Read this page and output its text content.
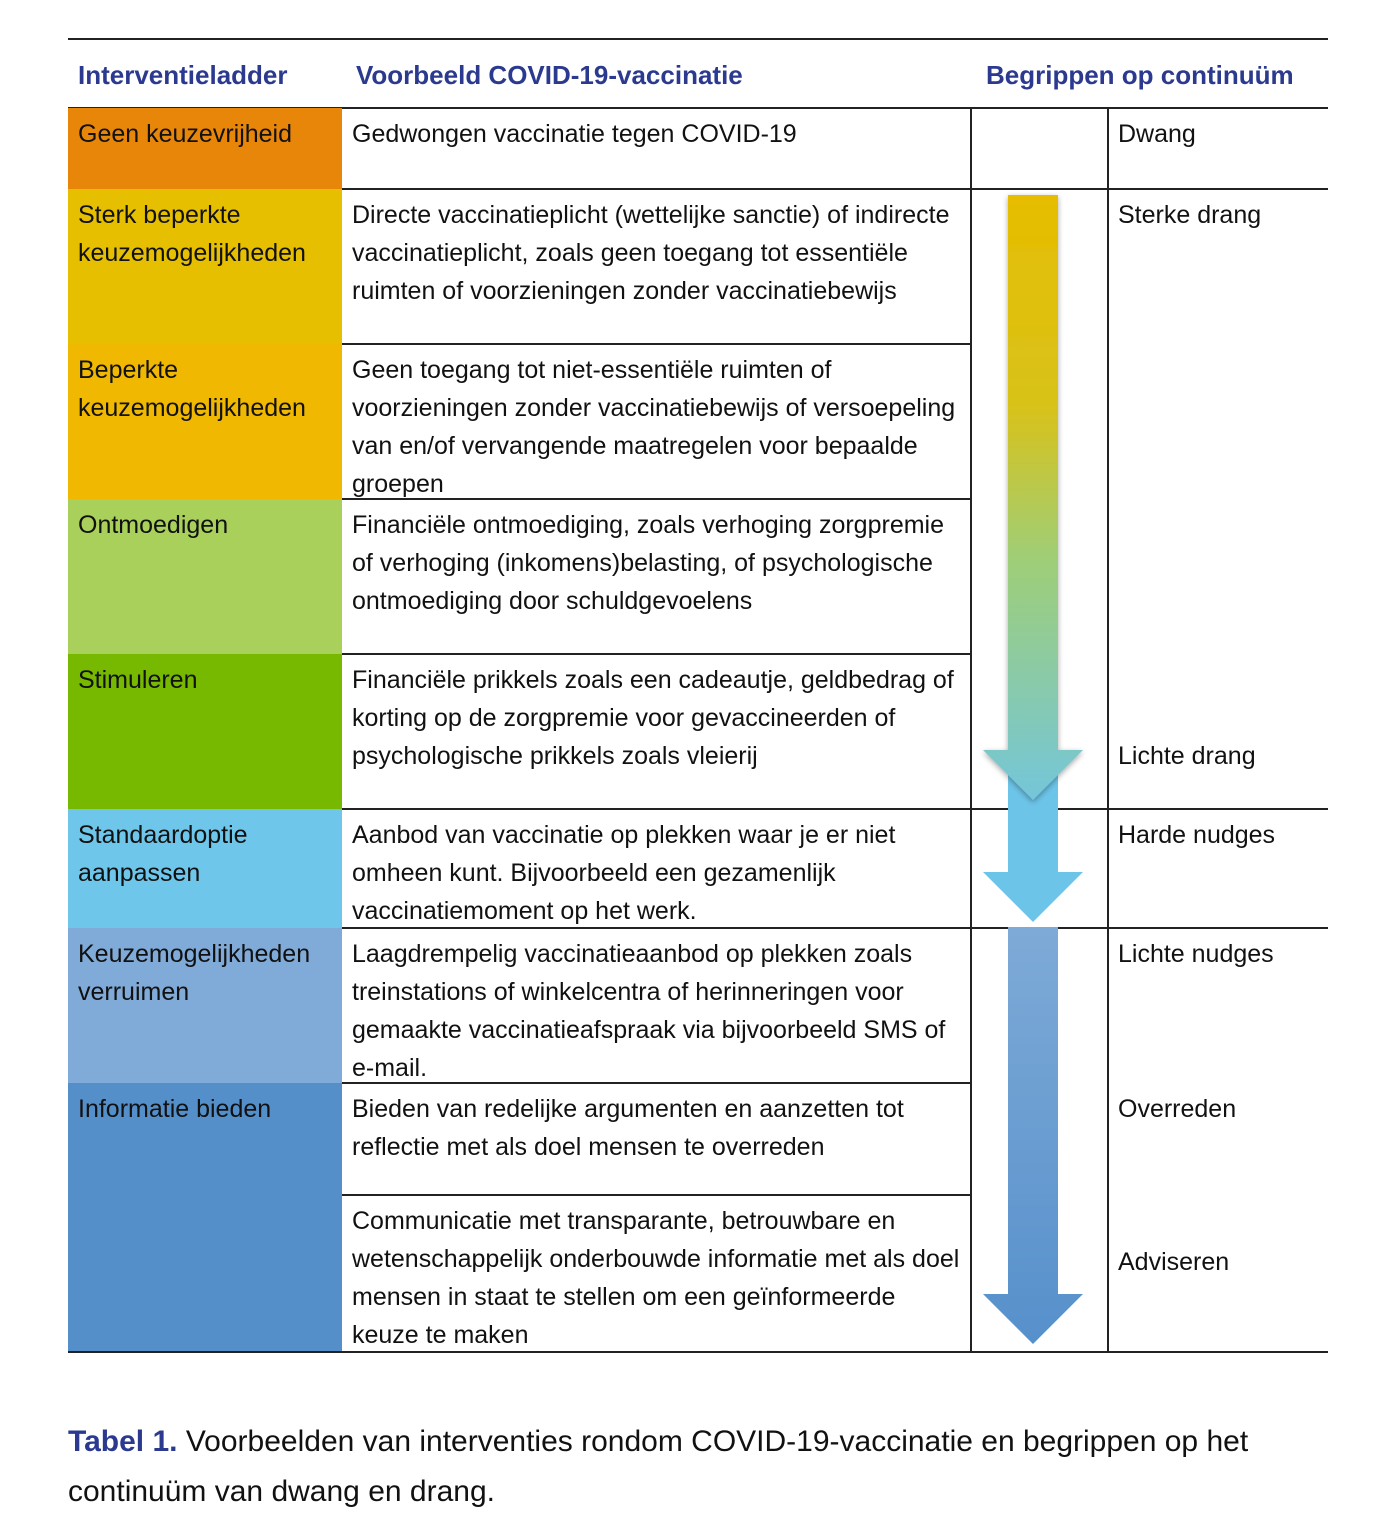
Interventieladder	Voorbeeld COVID-19-vaccinatie	Begrippen op continuüm
Geen keuzevrijheid
Sterk beperkte keuzemogelijkheden
Beperkte keuzemogelijkheden
Ontmoedigen
Stimuleren
Standaardoptie aanpassen
Keuzemogelijkheden verruimen
Informatie bieden
Gedwongen vaccinatie tegen COVID-19
Directe vaccinatieplicht (wettelijke sanctie) of indirecte vaccinatieplicht, zoals geen toegang tot essentiële ruimten of voorzieningen zonder vaccinatiebewijs
Geen toegang tot niet-essentiële ruimten of voorzieningen zonder vaccinatiebewijs of versoepeling van en/of vervangende maatregelen voor bepaalde groepen
Financiële ontmoediging, zoals verhoging zorgpremie of verhoging (inkomens)belasting, of psychologische ontmoediging door schuldgevoelens
Financiële prikkels zoals een cadeautje, geldbedrag of korting op de zorgpremie voor gevaccineerden of psychologische prikkels zoals vleierij
Aanbod van vaccinatie op plekken waar je er niet omheen kunt. Bijvoorbeeld een gezamenlijk vaccinatiemoment op het werk.
Laagdrempelig vaccinatieaanbod op plekken zoals treinstations of winkelcentra of herinneringen voor gemaakte vaccinatieafspraak via bijvoorbeeld SMS of e-mail.
Bieden van redelijke argumenten en aanzetten tot reflectie met als doel mensen te overreden
Communicatie met transparante, betrouwbare en wetenschappelijk onderbouwde informatie met als doel mensen in staat te stellen om een geïnformeerde keuze te maken
Dwang
Sterke drang
Lichte drang
Harde nudges
Lichte nudges
Overreden
Adviseren
Tabel 1. Voorbeelden van interventies rondom COVID-19-vaccinatie en begrippen op het continuüm van dwang en drang.
